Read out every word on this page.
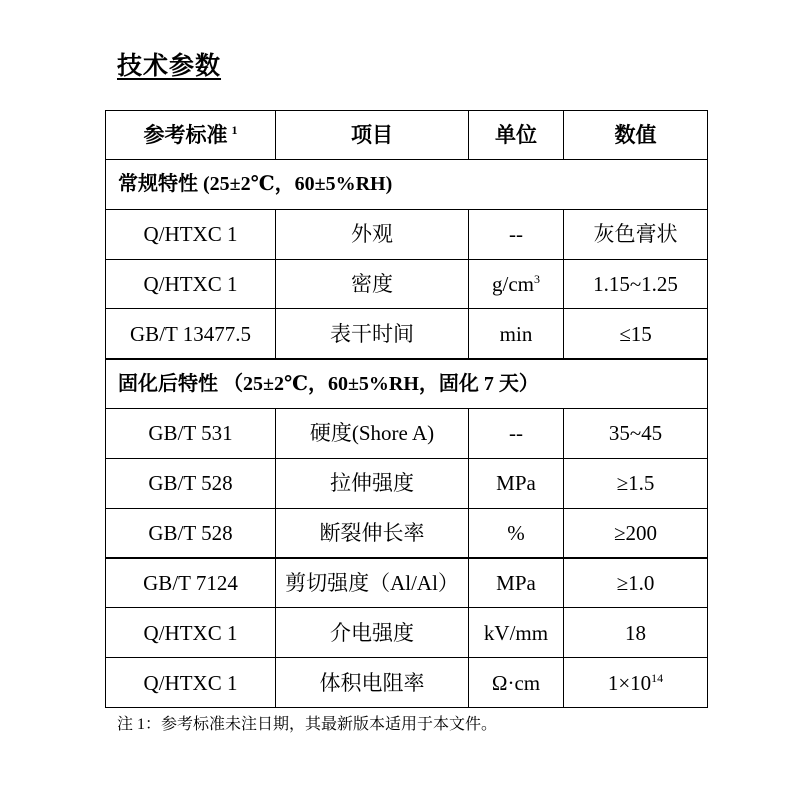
技术参数
参考标准 $^1$	项目	单位	数值
常规特性 (25±2℃，60±5%RH)			
Q/HTXC 1	外观	--	灰色膏状
Q/HTXC 1	密度	$g/cm^3$	1.15~1.25
GB/T 13477.5	表干时间	min	≤15
固化后特性 （25±2℃，60±5%RH，固化 7 天）			
GB/T 531	硬度(Shore A)	--	35~45
GB/T 528	拉伸强度	MPa	≥1.5
GB/T 528	断裂伸长率	%	≥200
GB/T 7124	剪切强度（Al/Al）	MPa	≥1.0
Q/HTXC 1	介电强度	kV/mm	18
Q/HTXC 1	体积电阻率	Ω·cm	$1\times 10^{14}$

注 1：参考标准未注日期，其最新版本适用于本文件。
